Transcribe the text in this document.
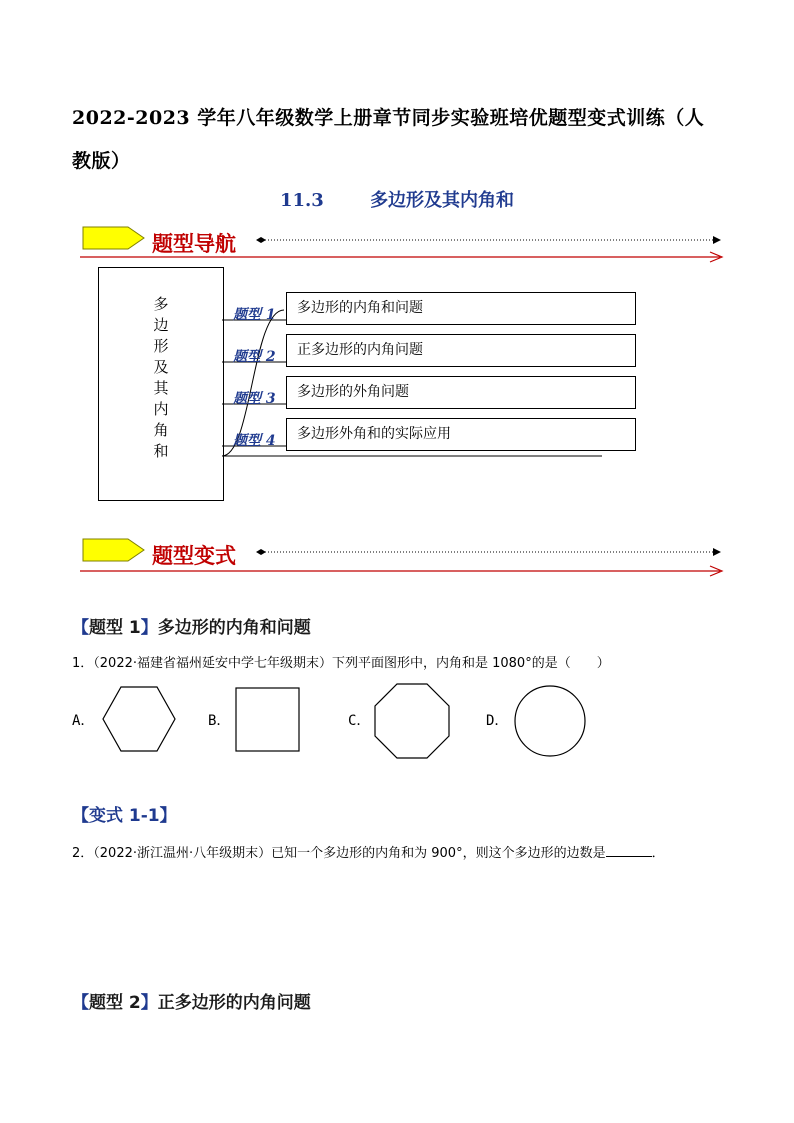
2022-2023 学年八年级数学上册章节同步实验班培优题型变式训练（人
教版）
11.3	多边形及其内角和
题型导航
多
边
形
及
其
内
角
和
题型 1	多边形的内角和问题
题型 2	正多边形的内角问题
题型 3	多边形的外角问题
题型 4	多边形外角和的实际应用
题型变式
【题型 1】多边形的内角和问题
1．（2022·福建省福州延安中学七年级期末）下列平面图形中，内角和是 1080°的是（　　）
A．	B．	C．	D．
【变式 1-1】
2．（2022·浙江温州·八年级期末）已知一个多边形的内角和为 900°，则这个多边形的边数是	．
【题型 2】正多边形的内角问题
